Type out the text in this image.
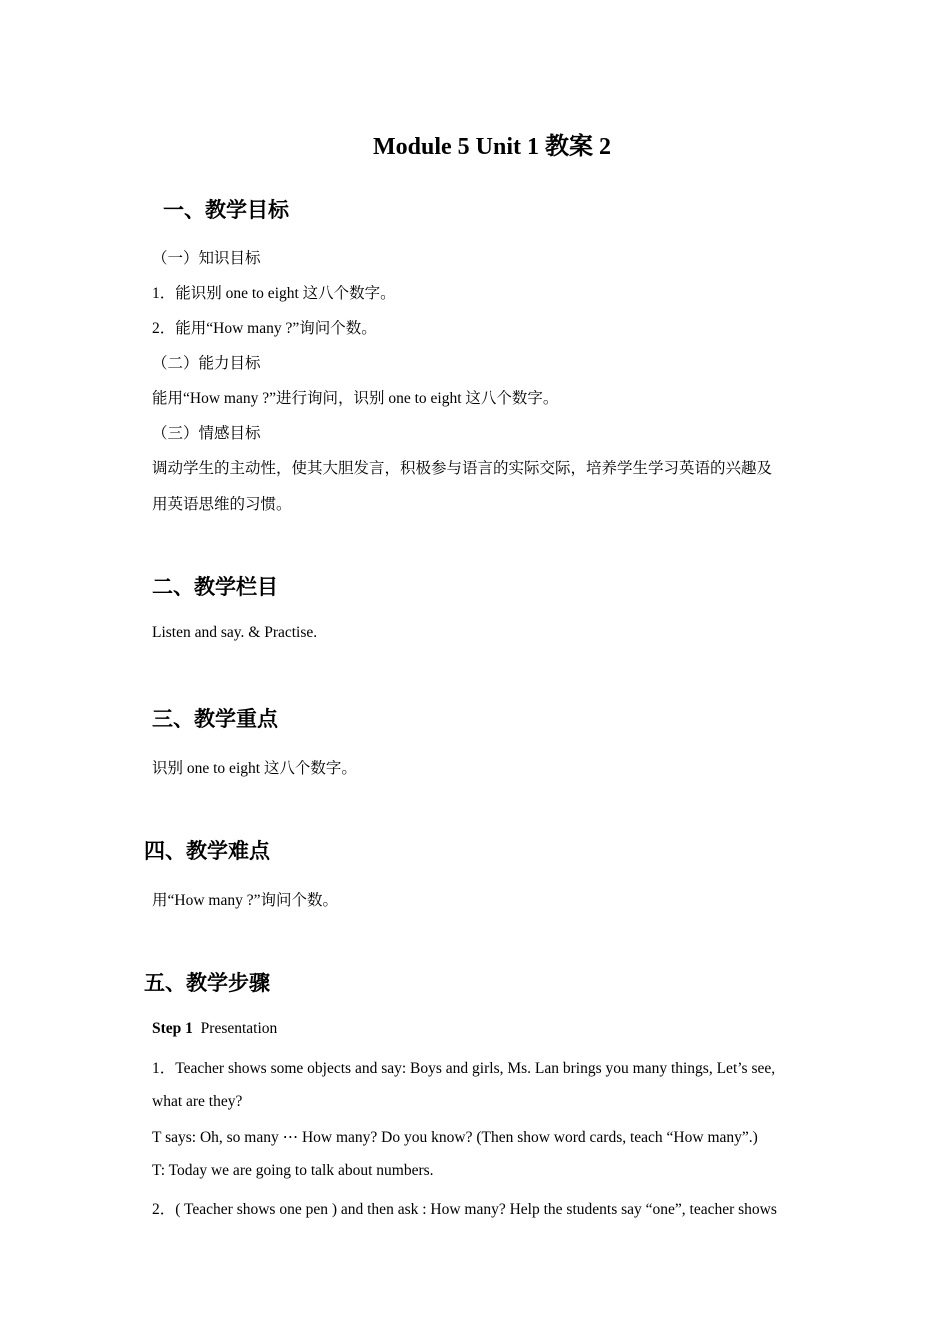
Module 5 Unit 1 教案 2
一、教学目标
（一）知识目标
1．能识别 one to eight 这八个数字。
2．能用“How many ?”询问个数。
（二）能力目标
能用“How many ?”进行询问，识别 one to eight 这八个数字。
（三）情感目标
调动学生的主动性，使其大胆发言，积极参与语言的实际交际，培养学生学习英语的兴趣及
用英语思维的习惯。
二、教学栏目
Listen and say. & Practise.
三、教学重点
识别 one to eight 这八个数字。
四、教学难点
用“How many ?”询问个数。
五、教学步骤
Step 1 Presentation
1．Teacher shows some objects and say: Boys and girls, Ms. Lan brings you many things, Let’s see,
what are they?
T says: Oh, so many ⋯ How many? Do you know? (Then show word cards, teach “How many”.)
T: Today we are going to talk about numbers.
2．( Teacher shows one pen ) and then ask : How many? Help the students say “one”, teacher shows
